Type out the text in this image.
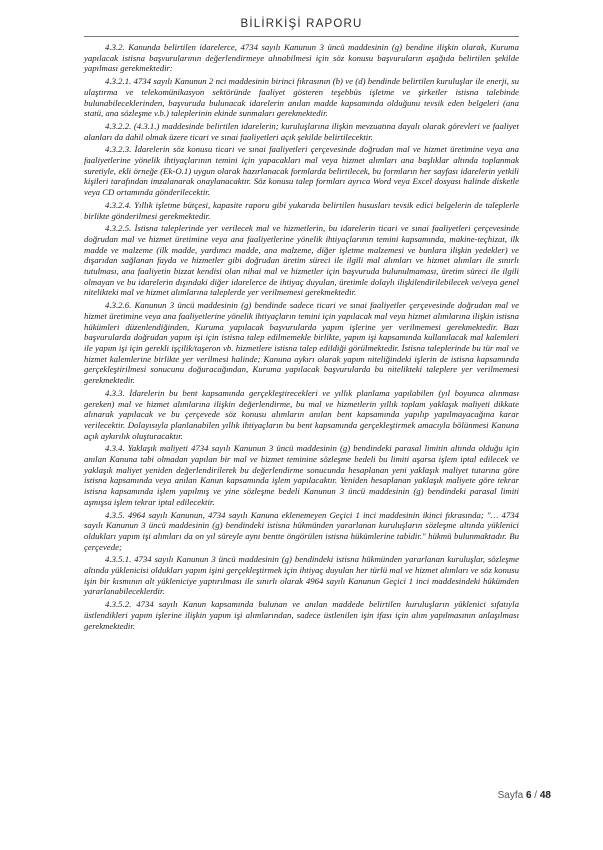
BİLİRKİŞİ RAPORU

4.3.2. Kanunda belirtilen idarelerce, 4734 sayılı Kanunun 3 üncü maddesinin (g) bendine ilişkin olarak, Kuruma yapılacak istisna başvurularının değerlendirmeye alınabilmesi için söz konusu başvuruların aşağıda belirtilen şekilde yapılması gerekmektedir:

4.3.2.1. 4734 sayılı Kanunun 2 nci maddesinin birinci fıkrasının (b) ve (d) bendinde belirtilen kuruluşlar ile enerji, su ulaştırma ve telekomünikasyon sektöründe faaliyet gösteren teşebbüs işletme ve şirketler istisna talebinde bulunabileceklerinden, başvuruda bulunacak idarelerin anılan madde kapsamında olduğunu tevsik eden belgeleri (ana statü, ana sözleşme v.b.) taleplerinin ekinde sunmaları gerekmektedir.

4.3.2.2. (4.3.1.) maddesinde belirtilen idarelerin; kuruluşlarına ilişkin mevzuatına dayalı olarak görevleri ve faaliyet alanları da dahil olmak üzere ticari ve sınai faaliyetleri açık şekilde belirtilecektir.

4.3.2.3. İdarelerin söz konusu ticari ve sınai faaliyetleri çerçevesinde doğrudan mal ve hizmet üretimine veya ana faaliyetlerine yönelik ihtiyaçlarının temini için yapacakları mal veya hizmet alımları ana başlıklar altında toplanmak suretiyle, ekli örneğe (Ek-O.1) uygun olarak hazırlanacak formlarda belirtilecek, bu formların her sayfası idarelerin yetkili kişileri tarafından imzalanarak onaylanacaktır. Söz konusu talep formları ayrıca Word veya Excel dosyası halinde disketle veya CD ortamında gönderilecektir.

4.3.2.4. Yıllık işletme bütçesi, kapasite raporu gibi yukarıda belirtilen hususları tevsik edici belgelerin de taleplerle birlikte gönderilmesi gerekmektedir.

4.3.2.5. İstisna taleplerinde yer verilecek mal ve hizmetlerin, bu idarelerin ticari ve sınai faaliyetleri çerçevesinde doğrudan mal ve hizmet üretimine veya ana faaliyetlerine yönelik ihtiyaçlarının temini kapsamında, makine-teçhizat, ilk madde ve malzeme (ilk madde, yardımcı madde, ana malzeme, diğer işletme malzemesi ve bunlara ilişkin yedekler) ve dışarıdan sağlanan fayda ve hizmetler gibi doğrudan üretim süreci ile ilgili mal alımları ve hizmet alımları ile sınırlı tutulması, ana faaliyetin bizzat kendisi olan nihai mal ve hizmetler için başvuruda bulunulmaması, üretim süreci ile ilgili olmayan ve bu idarelerin dışındaki diğer idarelerce de ihtiyaç duyulan, üretimle dolaylı ilişkilendirilebilecek ve/veya genel nitelikteki mal ve hizmet alımlarına taleplerde yer verilmemesi gerekmektedir.

4.3.2.6. Kanunun 3 üncü maddesinin (g) bendinde sadece ticari ve sınai faaliyetler çerçevesinde doğrudan mal ve hizmet üretimine veya ana faaliyetlerine yönelik ihtiyaçların temini için yapılacak mal veya hizmet alımlarına ilişkin istisna hükümleri düzenlendiğinden, Kuruma yapılacak başvurularda yapım işlerine yer verilmemesi gerekmektedir. Bazı başvurularda doğrudan yapım işi için istisna talep edilmemekle birlikte, yapım işi kapsamında kullanılacak mal kalemleri ile yapım işi için gerekli işçilik/taşeron vb. hizmetlere istisna talep edildiği görülmektedir. İstisna taleplerinde bu tür mal ve hizmet kalemlerine birlikte yer verilmesi halinde; Kanuna aykırı olarak yapım niteliğindeki işlerin de istisna kapsamında gerçekleştirilmesi sonucunu doğuracağından, Kuruma yapılacak başvurularda bu nitelikteki taleplere yer verilmemesi gerekmektedir.

4.3.3. İdarelerin bu bent kapsamında gerçekleştirecekleri ve yıllık planlama yapılabilen (yıl boyunca alınması gereken) mal ve hizmet alımlarına ilişkin değerlendirme, bu mal ve hizmetlerin yıllık toplam yaklaşık maliyeti dikkate alınarak yapılacak ve bu çerçevede söz konusu alımların anılan bent kapsamında yapılıp yapılmayacağına karar verilecektir. Dolayısıyla planlanabilen yıllık ihtiyaçların bu bent kapsamında gerçekleştirmek amacıyla bölünmesi Kanuna açık aykırılık oluşturacaktır.

4.3.4. Yaklaşık maliyeti 4734 sayılı Kanunun 3 üncü maddesinin (g) bendindeki parasal limitin altında olduğu için anılan Kanuna tabi olmadan yapılan bir mal ve hizmet teminine sözleşme bedeli bu limiti aşarsa işlem iptal edilecek ve yaklaşık maliyet yeniden değerlendirilerek bu değerlendirme sonucunda hesaplanan yeni yaklaşık maliyet tutarına göre istisna kapsamında veya anılan Kanun kapsamında işlem yapılacaktır. Yeniden hesaplanan yaklaşık maliyete göre tekrar istisna kapsamında işlem yapılmış ve yine sözleşme bedeli Kanunun 3 üncü maddesinin (g) bendindeki parasal limiti aşmışsa işlem tekrar iptal edilecektir.

4.3.5. 4964 sayılı Kanunun, 4734 sayılı Kanuna eklenemeyen Geçici 1 inci maddesinin ikinci fıkrasında; "… 4734 sayılı Kanunun 3 üncü maddesinin (g) bendindeki istisna hükmünden yararlanan kuruluşların sözleşme altında yüklenici oldukları yapım işi alımları da on yıl süreyle aynı bentte öngörülen istisna hükümlerine tabidir." hükmü bulunmaktadır. Bu çerçevede;

4.3.5.1. 4734 sayılı Kanunun 3 üncü maddesinin (g) bendindeki istisna hükmünden yararlanan kuruluşlar, sözleşme altında yüklenicisi oldukları yapım işini gerçekleştirmek için ihtiyaç duyulan her türlü mal ve hizmet alımları ve söz konusu işin bir kısmının alt yükleniciye yaptırılması ile sınırlı olarak 4964 sayılı Kanunun Geçici 1 inci maddesindeki hükümden yararlanabileceklerdir.

4.3.5.2. 4734 sayılı Kanun kapsamında bulunan ve anılan maddede belirtilen kuruluşların yüklenici sıfatıyla üstlendikleri yapım işlerine ilişkin yapım işi alımlarından, sadece üstlenilen işin ifası için alım yapılmasının anlaşılması gerekmektedir.

Sayfa 6 / 48
